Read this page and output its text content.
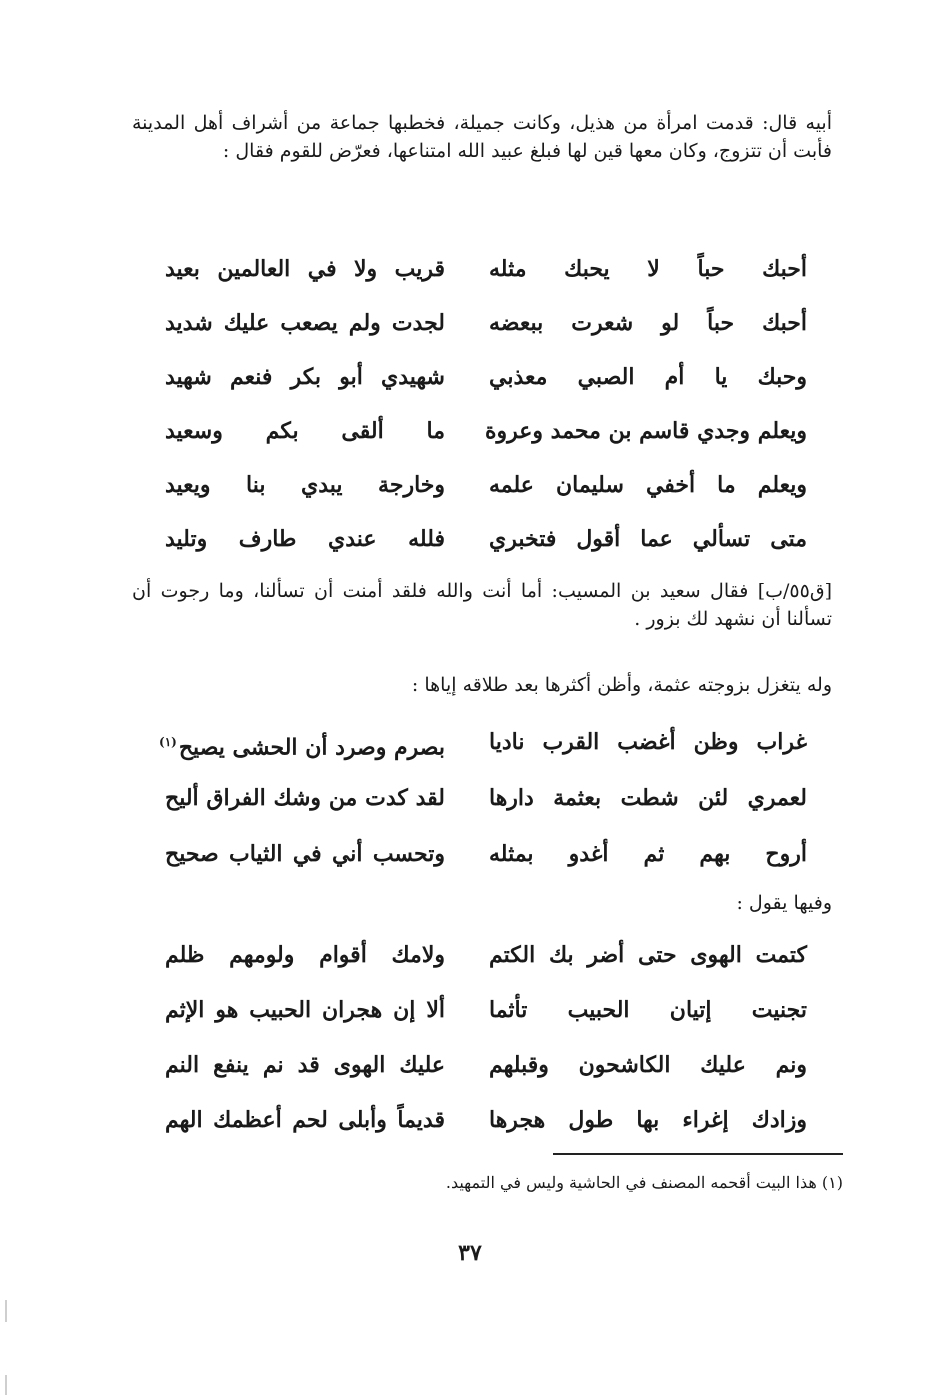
أبيه قال: قدمت امرأة من هذيل، وكانت جميلة، فخطبها جماعة من أشراف أهل المدينة فأبت أن تتزوج، وكان معها قين لها فبلغ عبيد الله امتناعها، فعرّض للقوم فقال :

أحبك حباً لا يحبك مثله
قريب ولا في العالمين بعيد
أحبك حباً لو شعرت ببعضه
لجدت ولم يصعب عليك شديد
وحبك يا أم الصبي معذبي
شهيدي أبو بكر فنعم شهيد
ويعلم وجدي قاسم بن محمد وعروة
ما ألقى بكم وسعيد
ويعلم ما أخفي سليمان علمه
وخارجة يبدي بنا ويعيد
متى تسألي عما أقول فتخبري
فلله عندي طارف وتليد

[ق٥٥/ب] فقال سعيد بن المسيب: أما أنت والله فلقد أمنت أن تسألنا، وما رجوت أن تسألنا أن نشهد لك بزور .

وله يتغزل بزوجته عثمة، وأظن أكثرها بعد طلاقه إياها :

غراب وظن أغضب القرب ناديا
بصرم وصرد أن الحشى يصيح$^{(١)}$
لعمري لئن شطت بعثمة دارها
لقد كدت من وشك الفراق أليح
أروح بهم ثم أغدو بمثله
وتحسب أني في الثياب صحيح

وفيها يقول :

كتمت الهوى حتى أضر بك الكتم
ولامك أقوام ولومهم ظلم
تجنيت إتيان الحبيب تأثما
ألا إن هجران الحبيب هو الإثم
ونم عليك الكاشحون وقبلهم
عليك الهوى قد نم ينفع النم
وزادك إغراء بها طول هجرها
قديماً وأبلى لحم أعظمك الهم

(١) هذا البيت أقحمه المصنف في الحاشية وليس في التمهيد.

٣٧
